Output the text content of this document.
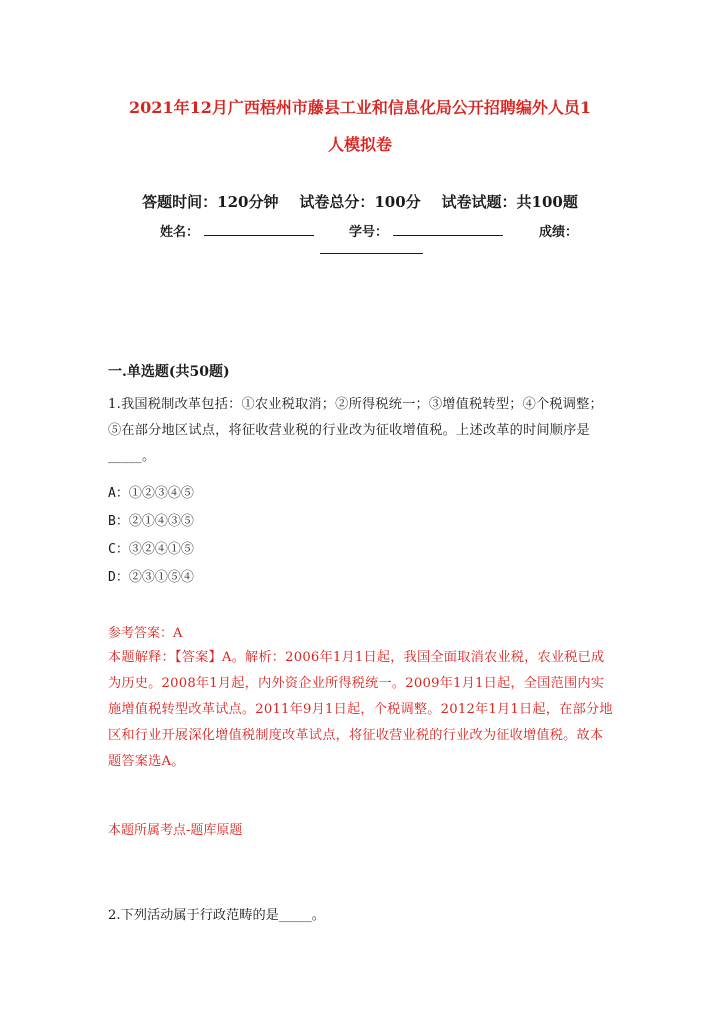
2021年12月广西梧州市藤县工业和信息化局公开招聘编外人员1
人模拟卷
答题时间：120分钟    试卷总分：100分    试卷试题：共100题
姓名：	学号：	成绩：
一.单选题(共50题)
1.我国税制改革包括：①农业税取消；②所得税统一；③增值税转型；④个税调整；⑤在部分地区试点，将征收营业税的行业改为征收增值税。上述改革的时间顺序是_____。
A：①②③④⑤
B：②①④③⑤
C：③②④①⑤
D：②③①⑤④
参考答案：A
本题解释：【答案】A。解析：2006年1月1日起，我国全面取消农业税，农业税已成为历史。2008年1月起，内外资企业所得税统一。2009年1月1日起，全国范围内实施增值税转型改革试点。2011年9月1日起，个税调整。2012年1月1日起，在部分地区和行业开展深化增值税制度改革试点，将征收营业税的行业改为征收增值税。故本题答案选A。
本题所属考点-题库原题
2.下列活动属于行政范畴的是_____。
